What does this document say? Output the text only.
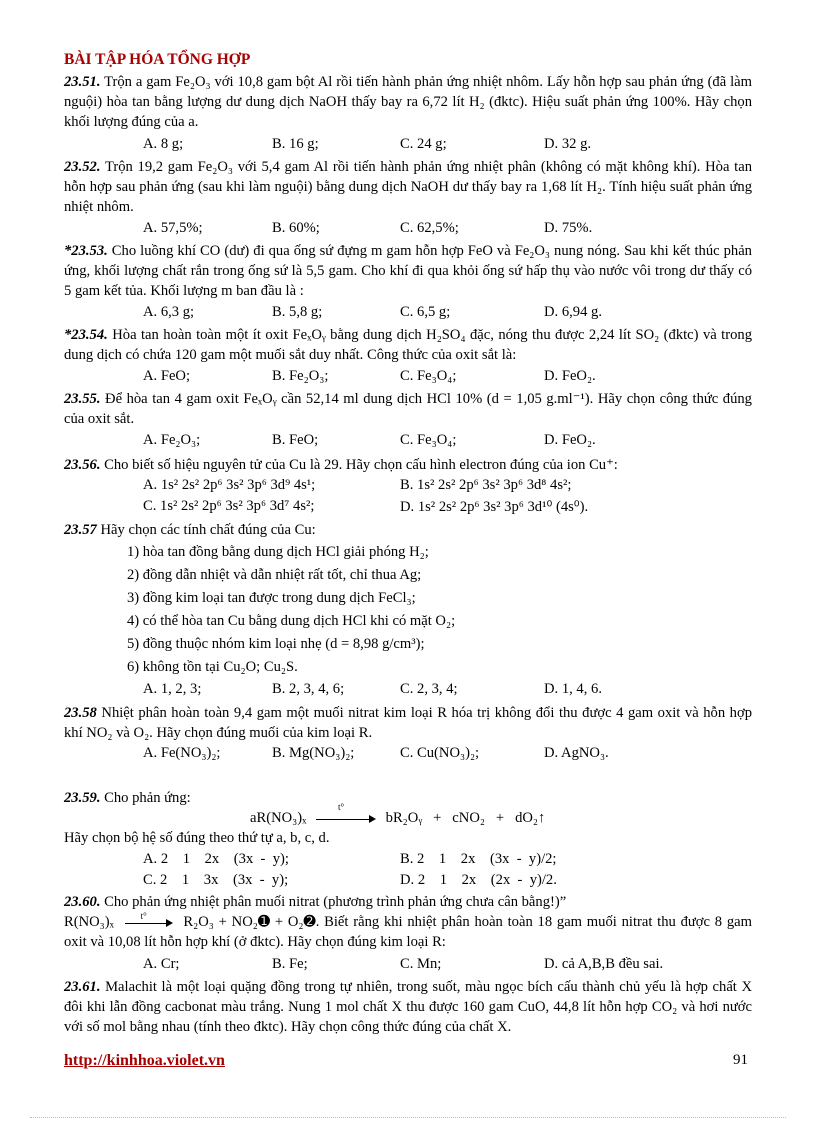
BÀI TẬP HÓA TỔNG HỢP
23.51. Trộn a gam Fe₂O₃ với 10,8 gam bột Al rồi tiến hành phản ứng nhiệt nhôm. Lấy hỗn hợp sau phản ứng (đã làm nguội) hòa tan bằng lượng dư dung dịch NaOH thấy bay ra 6,72 lít H₂ (đktc). Hiệu suất phản ứng 100%. Hãy chọn khối lượng đúng của a.
A. 8 g;	B. 16 g;	C. 24 g;	D. 32 g.
23.52. Trộn 19,2 gam Fe₂O₃ với 5,4 gam Al rồi tiến hành phản ứng nhiệt phân (không có mặt không khí). Hòa tan hỗn hợp sau phản ứng (sau khi làm nguội) bằng dung dịch NaOH dư thấy bay ra 1,68 lít H₂. Tính hiệu suất phản ứng nhiệt nhôm.
A. 57,5%;	B. 60%;	C. 62,5%;	D. 75%.
*23.53. Cho luồng khí CO (dư) đi qua ống sứ đựng m gam hỗn hợp FeO và Fe₂O₃ nung nóng. Sau khi kết thúc phản ứng, khối lượng chất rắn trong ống sứ là 5,5 gam. Cho khí đi qua khỏi ống sứ hấp thụ vào nước vôi trong dư thấy có 5 gam kết tủa. Khối lượng m ban đầu là :
A. 6,3 g;	B. 5,8 g;	C. 6,5 g;	D. 6,94 g.
*23.54. Hòa tan hoàn toàn một ít oxit FeₓOᵧ bằng dung dịch H₂SO₄ đặc, nóng thu được 2,24 lít SO₂ (đktc) và trong dung dịch có chứa 120 gam một muối sắt duy nhất. Công thức của oxit sắt là:
A. FeO;	B. Fe₂O₃;	C. Fe₃O₄;	D. FeO₂.
23.55. Để hòa tan 4 gam oxit FeₓOᵧ cần 52,14 ml dung dịch HCl 10% (d = 1,05 g.ml⁻¹). Hãy chọn công thức đúng của oxit sắt.
A. Fe₂O₃;	B. FeO;	C. Fe₃O₄;	D. FeO₂.
23.56. Cho biết số hiệu nguyên tử của Cu là 29. Hãy chọn cấu hình electron đúng của ion Cu⁺:
A. 1s² 2s² 2p⁶ 3s² 3p⁶ 3d⁹ 4s¹;	B. 1s² 2s² 2p⁶ 3s² 3p⁶ 3d⁸ 4s²;
C. 1s² 2s² 2p⁶ 3s² 3p⁶ 3d⁷ 4s²;	D. 1s² 2s² 2p⁶ 3s² 3p⁶ 3d¹⁰ (4s⁰).
23.57 Hãy chọn các tính chất đúng của Cu:
1) hòa tan đồng bằng dung dịch HCl giải phóng H₂;
2) đồng dẫn nhiệt và dẫn nhiệt rất tốt, chỉ thua Ag;
3) đồng kim loại tan được trong dung dịch FeCl₃;
4) có thể hòa tan Cu bằng dung dịch HCl khi có mặt O₂;
5) đồng thuộc nhóm kim loại nhẹ (d = 8,98 g/cm³);
6) không tồn tại Cu₂O; Cu₂S.
A. 1, 2, 3;	B. 2, 3, 4, 6;	C. 2, 3, 4;	D. 1, 4, 6.
23.58 Nhiệt phân hoàn toàn 9,4 gam một muối nitrat kim loại R hóa trị không đổi thu được 4 gam oxit và hỗn hợp khí NO₂ và O₂. Hãy chọn đúng muối của kim loại R.
A. Fe(NO₃)₂;	B. Mg(NO₃)₂;	C. Cu(NO₃)₂;	D. AgNO₃.
23.59. Cho phản ứng:
aR(NO₃)ₓ
t°
bR₂Oᵧ   +   cNO₂   +   dO₂↑
Hãy chọn bộ hệ số đúng theo thứ tự a, b, c, d.
A. 2    1    2x    (3x  -  y);	B. 2    1    2x    (3x  -  y)/2;
C. 2    1    3x    (3x  -  y);	D. 2    1    2x    (2x  -  y)/2.
23.60. Cho phản ứng nhiệt phân muối nitrat (phương trình phản ứng chưa cân bằng!)”
R(NO₃)ₓ	t°	R₂O₃ + NO₂➊ + O₂➋. Biết rằng khi nhiệt phân hoàn toàn 18 gam muối nitrat thu được 8 gam oxit và 10,08 lít hỗn hợp khí (ở đktc). Hãy chọn đúng kim loại R:
A. Cr;	B. Fe;	C. Mn;	D. cả A,B,B đều sai.
23.61. Malachit là một loại quặng đồng trong tự nhiên, trong suốt, màu ngọc bích cấu thành chủ yếu là hợp chất X đôi khi lẫn đồng cacbonat màu trắng. Nung 1 mol chất X thu được 160 gam CuO, 44,8 lít hỗn hợp CO₂ và hơi nước với số mol bằng nhau (tính theo đktc). Hãy chọn công thức đúng của chất X.
http://kinhhoa.violet.vn	91
